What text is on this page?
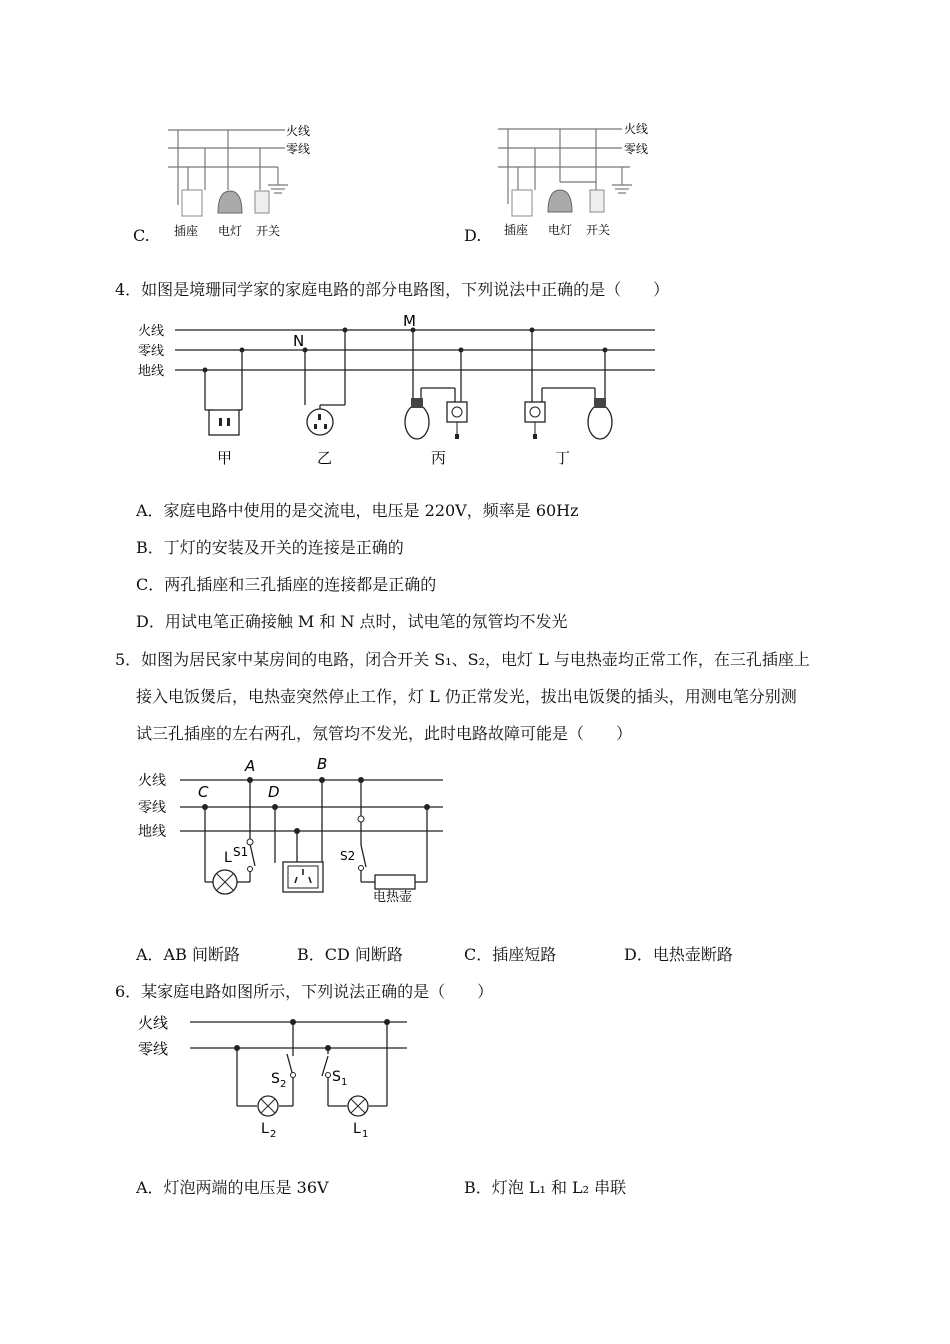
火线
零线
插座 电灯 开关
C.
火线
零线
插座 电灯 开关
D.
4．如图是境珊同学家的家庭电路的部分电路图，下列说法中正确的是（　　）
火线
零线
地线
M
N
甲	乙	丙	丁
A．家庭电路中使用的是交流电，电压是 220V，频率是 60Hz
B．丁灯的安装及开关的连接是正确的
C．两孔插座和三孔插座的连接都是正确的
D．用试电笔正确接触 M 和 N 点时，试电笔的氖管均不发光
5．如图为居民家中某房间的电路，闭合开关 S₁、S₂，电灯 L 与电热壶均正常工作，在三孔插座上
接入电饭煲后，电热壶突然停止工作，灯 L 仍正常发光，拔出电饭煲的插头，用测电笔分别测
试三孔插座的左右两孔，氖管均不发光，此时电路故障可能是（　　）
火线
零线
地线
A	B
C	D
S1
L	S2
电热壶
A．AB 间断路	B．CD 间断路	C．插座短路	D．电热壶断路
6．某家庭电路如图所示，下列说法正确的是（　　）
火线
零线
S 2	S 1
L 2	L 1
A．灯泡两端的电压是 36V	B．灯泡 L₁ 和 L₂ 串联
